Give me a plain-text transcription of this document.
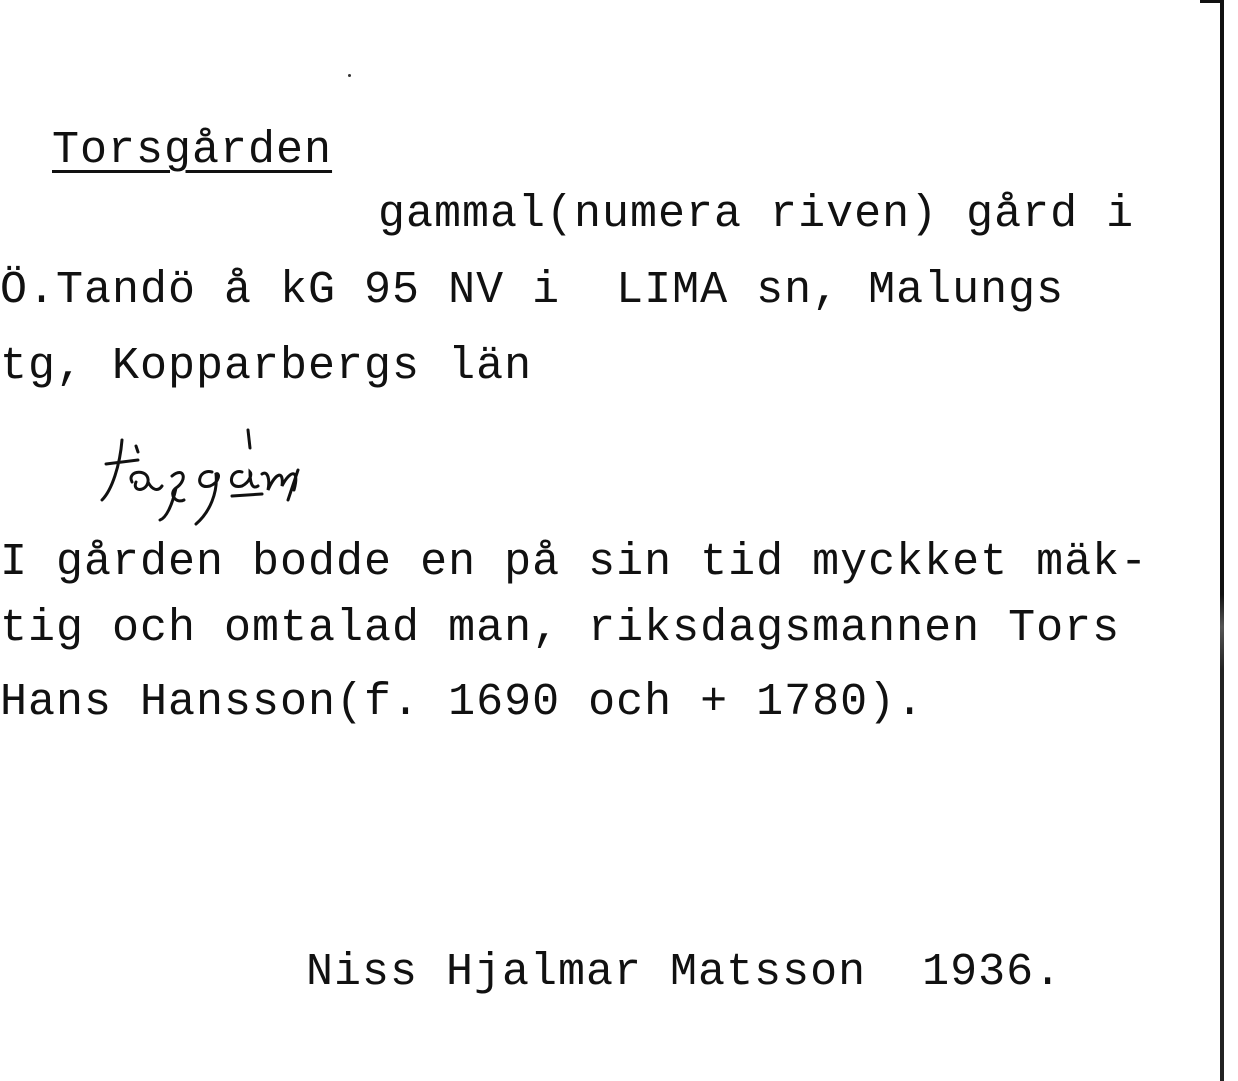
Torsgården
gammal(numera riven) gård i
Ö.Tandö å kG 95 NV i  LIMA sn, Malungs
tg, Kopparbergs län
tåsgåm
I gården bodde en på sin tid myckket mäk-
tig och omtalad man, riksdagsmannen Tors
Hans Hansson(f. 1690 och + 1780).
Niss Hjalmar Matsson  1936.
